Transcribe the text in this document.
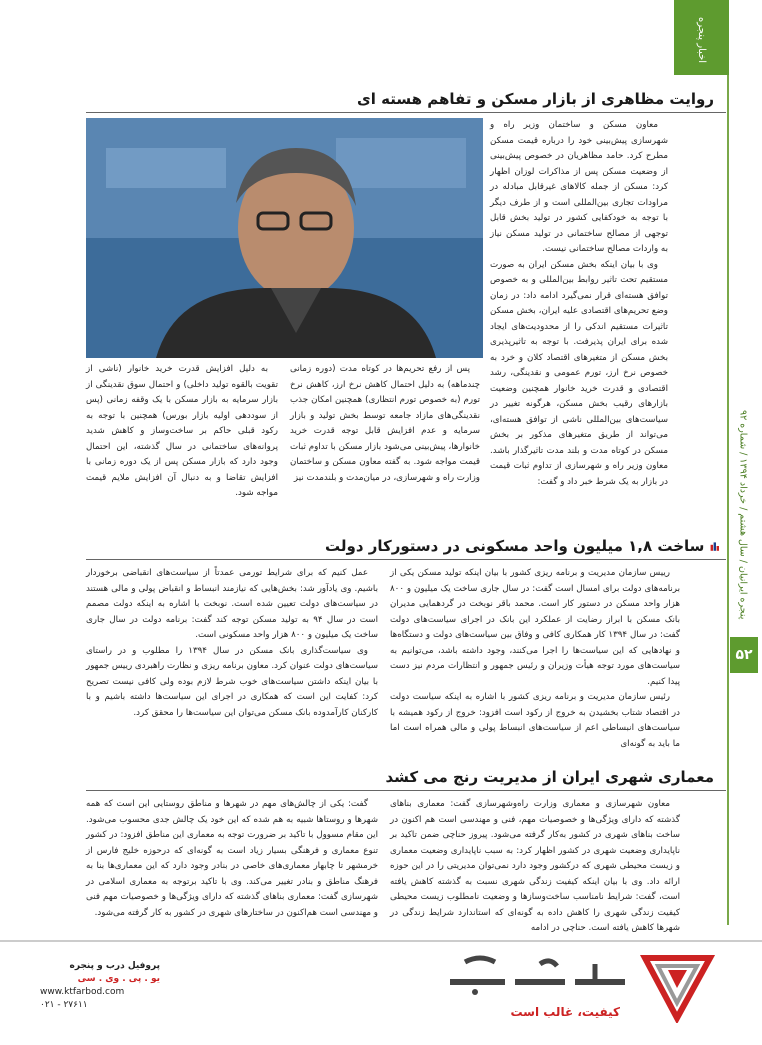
اخبار پنجره
پنجره ایرانیان / سال هشتم / خرداد ۱۳۹۴ / شماره ۹۲
۵۲
روایت مظاهری از بازار مسکن و تفاهم هسته ای

معاون مسکن و ساختمان وزیر راه و شهرسازی پیش‌بینی خود را درباره قیمت مسکن مطرح کرد. حامد مظاهریان در خصوص پیش‌بینی از وضعیت مسکن پس از مذاکرات لوزان اظهار کرد: مسکن از جمله کالاهای غیرقابل مبادله در مراودات تجاری بین‌المللی است و از طرف دیگر با توجه به خودکفایی کشور در تولید بخش قابل توجهی از مصالح ساختمانی در تولید مسکن نیاز به واردات مصالح ساختمانی نیست.

وی با بیان اینکه بخش مسکن ایران به صورت مستقیم تحت تاثیر روابط بین‌المللی و به خصوص توافق هسته‌ای قرار نمی‌گیرد ادامه داد: در زمان وضع تحریم‌های اقتصادی علیه ایران، بخش مسکن تاثیرات مستقیم اندکی را از محدودیت‌های ایجاد شده برای ایران پذیرفت. با توجه به تاثیرپذیری بخش مسکن از متغیرهای اقتصاد کلان و خرد به خصوص نرخ ارز، تورم عمومی و نقدینگی، رشد اقتصادی و قدرت خرید خانوار همچنین وضعیت بازارهای رقیب بخش مسکن، هرگونه تغییر در سیاست‌های بین‌المللی ناشی از توافق هسته‌ای، می‌تواند از طریق متغیرهای مذکور بر بخش مسکن در کوتاه مدت و بلند مدت تاثیرگذار باشد. معاون وزیر راه و شهرسازی از تداوم ثبات قیمت در بازار به یک شرط خبر داد و گفت:

پس از رفع تحریم‌ها در کوتاه مدت (دوره زمانی چندماهه) به دلیل احتمال کاهش نرخ ارز، کاهش نرخ تورم (به خصوص تورم انتظاری) همچنین امکان جذب نقدینگی‌های مازاد جامعه توسط بخش تولید و بازار سرمایه و عدم افزایش قابل توجه قدرت خرید خانوارها، پیش‌بینی می‌شود بازار مسکن با تداوم ثبات قیمت مواجه شود. به گفته معاون مسکن و ساختمان وزارت راه و شهرسازی، در میان‌مدت و بلندمدت نیز

به دلیل افزایش قدرت خرید خانوار (ناشی از تقویت بالقوه تولید داخلی) و احتمال سوق نقدینگی از بازار سرمایه به بازار مسکن با یک وقفه زمانی (پس از سوددهی اولیه بازار بورس) همچنین با توجه به رکود قبلی حاکم بر ساخت‌وساز و کاهش شدید پروانه‌های ساختمانی در سال گذشته، این احتمال وجود دارد که بازار مسکن پس از یک دوره زمانی با افزایش تقاضا و به دنبال آن افزایش ملایم قیمت مواجه شود.

ساخت ۱,۸ میلیون واحد مسکونی در دستورکار دولت

رییس سازمان مدیریت و برنامه ریزی کشور با بیان اینکه تولید مسکن یکی از برنامه‌های دولت برای امسال است گفت: در سال جاری ساخت یک میلیون و ۸۰۰ هزار واحد مسکن در دستور کار است. محمد باقر نوبخت در گردهمایی مدیران بانک مسکن با ابراز رضایت از عملکرد این بانک در اجرای سیاست‌های دولت گفت: در سال ۱۳۹۴ کار همکاری کافی و وفاق بین سیاست‌های دولت و دستگاه‌ها و نهادهایی که این سیاست‌ها را اجرا می‌کنند، وجود داشته باشد، می‌توانیم به سیاست‌های مورد توجه هیأت وزیران و رئیس جمهور و انتظارات مردم نیز دست پیدا کنیم.

رئیس سازمان مدیریت و برنامه ریزی کشور با اشاره به اینکه سیاست دولت در اقتصاد شتاب بخشیدن به خروج از رکود است افزود: خروج از رکود همیشه با سیاست‌های انبساطی اعم از سیاست‌های انبساط پولی و مالی همراه است اما ما باید به گونه‌ای

عمل کنیم که برای شرایط تورمی عمدتاً از سیاست‌های انقباضی برخوردار باشیم. وی یادآور شد: بخش‌هایی که نیازمند انبساط و انقباض پولی و مالی هستند در سیاست‌های دولت تعیین شده است. نوبخت با اشاره به اینکه دولت مصمم است در سال ۹۴ به تولید مسکن توجه کند گفت: برنامه دولت در سال جاری ساخت یک میلیون و ۸۰۰ هزار واحد مسکونی است.

وی سیاست‌گذاری بانک مسکن در سال ۱۳۹۴ را مطلوب و در راستای سیاست‌های دولت عنوان کرد. معاون برنامه ریزی و نظارت راهبردی رییس جمهور با بیان اینکه داشتن سیاست‌های خوب شرط لازم بوده ولی کافی نیست تصریح کرد: کفایت این است که همکاری در اجرای این سیاست‌ها داشته باشیم و با کارکنان کارآمدوده بانک مسکن می‌توان این سیاست‌ها را محقق کرد.

معماری شهری ایران از مدیریت رنج می کشد

معاون شهرسازی و معماری وزارت راه‌وشهرسازی گفت: معماری بناهای گذشته که دارای ویژگی‌ها و خصوصیات مهم، فنی و مهندسی است هم اکنون در ساخت بناهای شهری در کشور به‌کار گرفته می‌شود. پیروز حناچی ضمن تاکید بر ناپایداری وضعیت شهری در کشور اظهار کرد: به سبب ناپایداری وضعیت معماری و زیست محیطی شهری که درکشور وجود دارد نمی‌توان مدیریتی را در این حوزه ارائه داد. وی با بیان اینکه کیفیت زندگی شهری نسبت به گذشته کاهش یافته است، گفت: شرایط نامناسب ساخت‌وسازها و وضعیت نامطلوب زیست محیطی کیفیت زندگی شهری را کاهش داده به گونه‌ای که استاندارد شرایط زندگی در شهرها کاهش یافته است. حناچی در ادامه

گفت: یکی از چالش‌های مهم در شهرها و مناطق روستایی این است که همه شهرها و روستاها شبیه به هم شده که این خود یک چالش جدی محسوب می‌شود. این مقام مسوول با تاکید بر ضرورت توجه به معماری این مناطق افزود: در کشور تنوع معماری و فرهنگی بسیار زیاد است به گونه‌ای که درحوزه خلیج فارس از خرمشهر تا چابهار معماری‌های خاصی در بنادر وجود دارد که این معماری‌ها بنا به فرهنگ مناطق و بنادر تغییر می‌کند. وی با تاکید برتوجه به معماری اسلامی در شهرسازی گفت: معماری بناهای گذشته که دارای ویژگی‌ها و خصوصیات مهم فنی و مهندسی است هم‌اکنون در ساختارهای شهری در کشور به کار گرفته می‌شود.

کیفیت، غالب است
پروفیل درب و پنجره
یو . پی . وی . سی
www.ktfarbod.com
۰۲۱ - ۲۷۶۱۱
